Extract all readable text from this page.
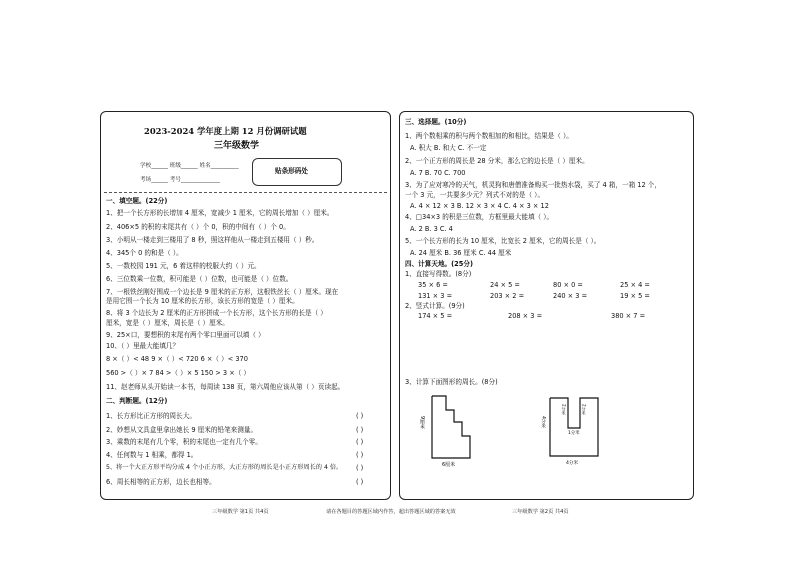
2023-2024 学年度上期 12 月份调研试题
三年级数学
学校______ 班级______ 姓名__________
考场______ 考号______________
贴条形码处
一、填空题。(22分)
1、把一个长方形的长增加 4 厘米，宽减少 1 厘米，它的周长增加（ ）厘米。
2、406×5 的积的末尾共有（ ）个 0，积的中间有（ ）个 0。
3、小明从一楼走到三楼用了 8 秒，照这样他从一楼走到五楼用（ ）秒。
4、345个 0 的和是（ ）。
5、一数校园 191 元，6 着这样的校服大约（ ）元。
6、三位数乘一位数，积可能是（ ）位数，也可能是（ ）位数。
7、一根铁丝刚好围成一个边长是 9 厘米的正方形，这根铁丝长（ ）厘米。现在
是用它围一个长为 10 厘米的长方形，该长方形的宽是（ ）厘米。
8、将 3 个边长为 2 厘米的正方形拼成一个长方形，这个长方形的长是（ ）
厘米，宽是（ ）厘米，周长是（ ）厘米。
9、25×口，要想积的末尾有两个零口里面可以填（ ）
10、（ ）里最大能填几？
8 ×（ ）< 48 9 ×（ ）< 720 6 ×（ ）< 370
560 >（ ）× 7 84 >（ ）× 5 150 > 3 ×（ ）
11、赵老师从头开始读一本书，每周读 138 页，第六周他应该从第（ ）页读起。
二、判断题。(12分)
1、长方形比正方形的周长大。	( )
2、妙想从文具盒里拿出她长 9 厘米的铅笔来测量。	( )
3、乘数的末尾有几个零，积的末尾也一定有几个零。	( )
4、任何数与 1 相乘，都得 1。	( )
5、将一个大正方形平均分成 4 个小正方形，大正方形的周长是小正方形周长的 4 倍。 ( )
6、周长相等的正方形，边长也相等。	( )
三、选择题。(10分)
1、两个数相乘的积与两个数相加的和相比，结果是（ ）。
A. 积大 B. 和大 C. 不一定
2、一个正方形的周长是 28 分米，那么它的边长是（ ）厘米。
A. 7 B. 70 C. 700
3、为了应对寒冷的天气，机灵狗和唐僧准备购买一批热水袋，买了 4 箱，一箱 12 个，
一个 3 元，一共要多少元？列式不对的是（ ）。
A. 4 × 12 × 3 B. 12 × 3 × 4 C. 4 × 3 × 12
4、□34×3 的积是三位数，方框里最大能填（ ）。
A. 2 B. 3 C. 4
5、一个长方形的长为 10 厘米，比宽长 2 厘米，它的周长是（ ）。
A. 24 厘米 B. 36 厘米 C. 44 厘米
四、计算天地。(25分)
1、直接写得数。(8分)
35 × 6 =	24 × 5 =	80 × 0 =	25 × 4 =
131 × 3 =	203 × 2 =	240 × 3 =	19 × 5 =
2、竖式计算。(9分)
174 × 5 =	208 × 3 =	380 × 7 =
3、计算下面图形的周长。(8分)
9厘米
6厘米
4分米
2分米	2分米
1分米
4分米
三年级数学 第1页 共4页	请在各题目的答题区域内作答，超出答题区域的答案无效	三年级数学 第2页 共4页
